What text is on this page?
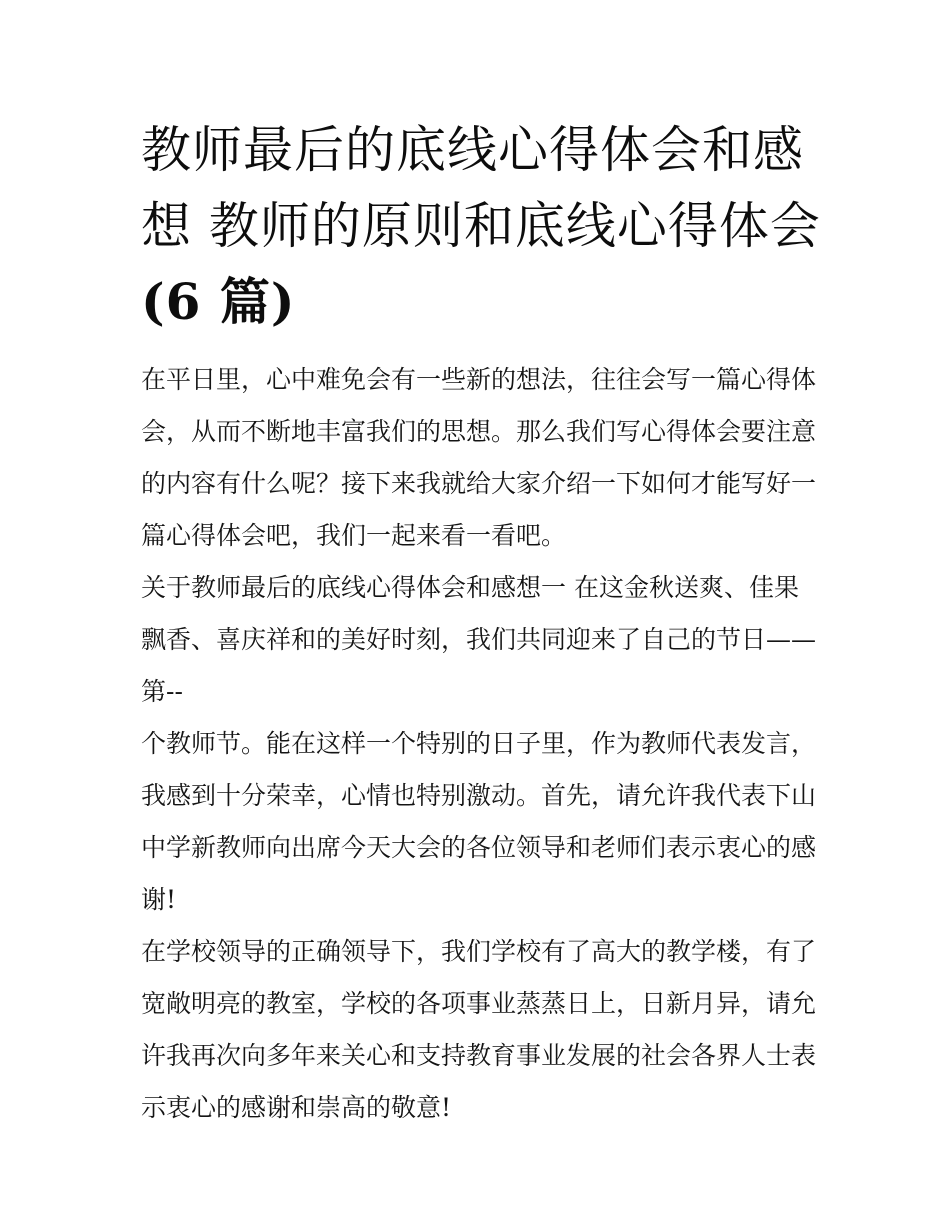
教师最后的底线心得体会和感
想 教师的原则和底线心得体会
(6 篇)
在平日里，心中难免会有一些新的想法，往往会写一篇心得体
会，从而不断地丰富我们的思想。那么我们写心得体会要注意
的内容有什么呢？接下来我就给大家介绍一下如何才能写好一
篇心得体会吧，我们一起来看一看吧。
关于教师最后的底线心得体会和感想一 在这金秋送爽、佳果
飘香、喜庆祥和的美好时刻，我们共同迎来了自己的节日——
第--
个教师节。能在这样一个特别的日子里，作为教师代表发言，
我感到十分荣幸，心情也特别激动。首先，请允许我代表下山
中学新教师向出席今天大会的各位领导和老师们表示衷心的感
谢!
在学校领导的正确领导下，我们学校有了高大的教学楼，有了
宽敞明亮的教室，学校的各项事业蒸蒸日上，日新月异，请允
许我再次向多年来关心和支持教育事业发展的社会各界人士表
示衷心的感谢和崇高的敬意!
